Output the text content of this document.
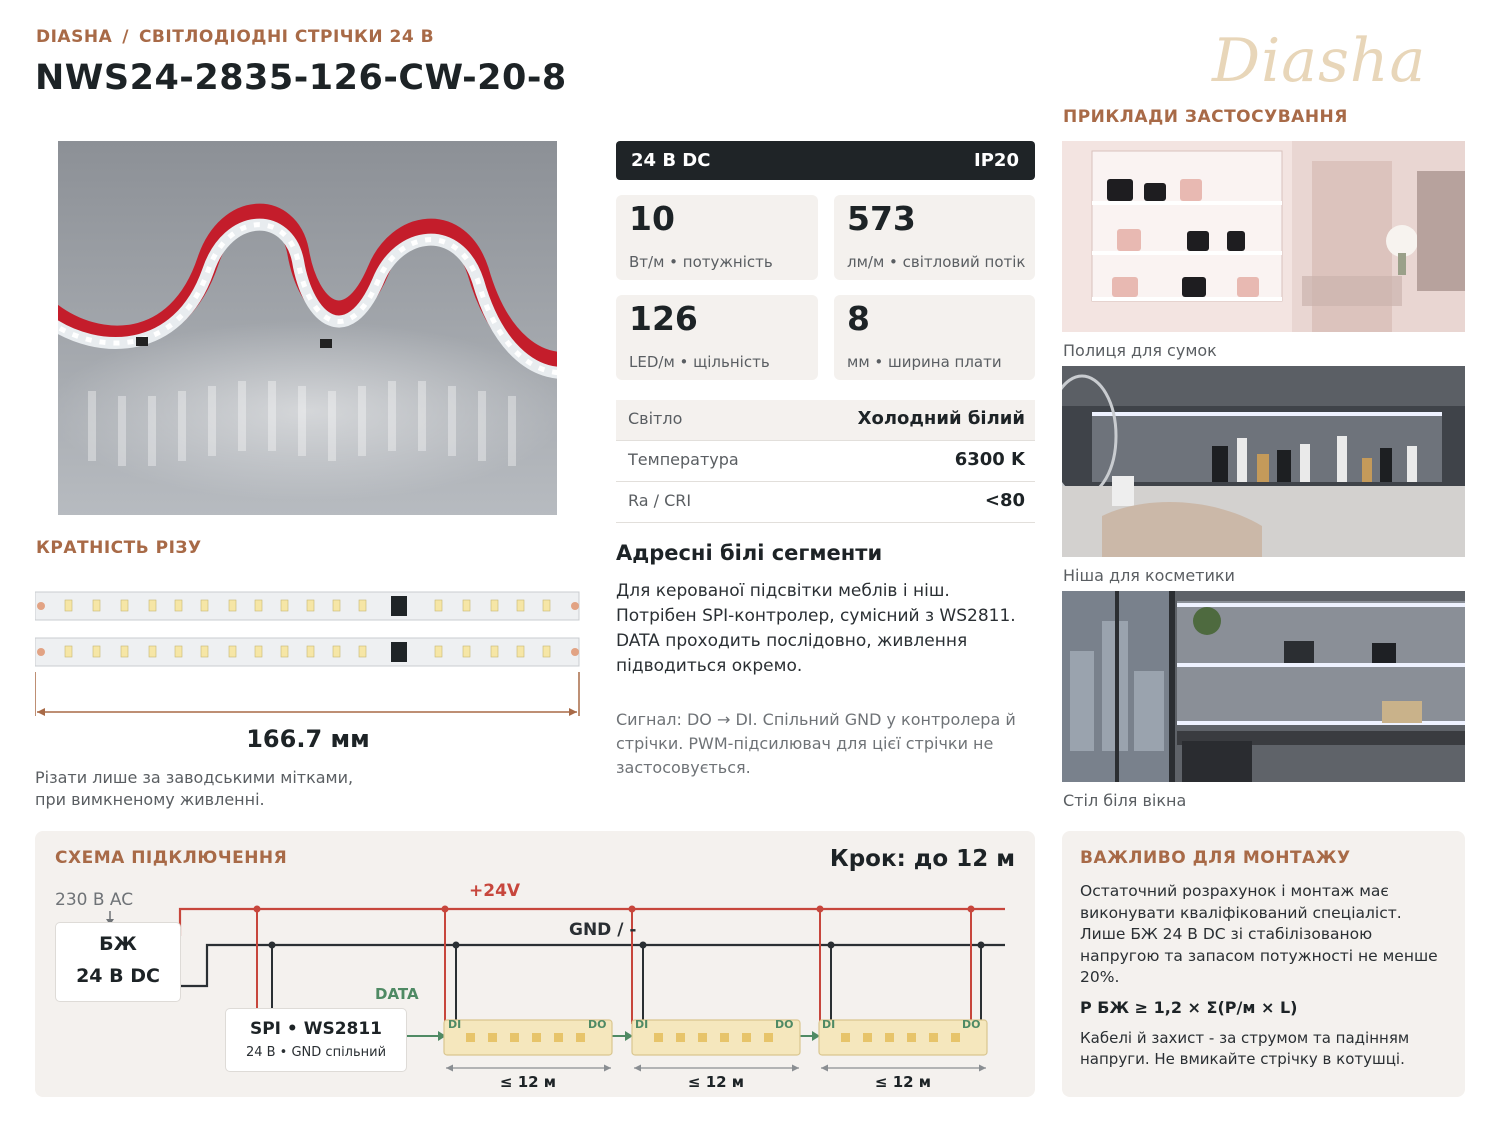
DIASHA / СВІТЛОДІОДНІ СТРІЧКИ 24 В
NWS24-2835-126-CW-20-8	Diasha
КРАТНІСТЬ РІЗУ
166.7 мм
Різати лише за заводськими мітками,
при вимкненому живленні.
24 В DC	IP20
10
Вт/м • потужність
573
лм/м • світловий потік
126
LED/м • щільність
8
мм • ширина плати
Світло	Холодний білий
Температура	6300 K
Ra / CRI	<80
Адресні білі сегменти
Для керованої підсвітки меблів і ніш. Потрібен SPI-контролер, сумісний з WS2811. DATA проходить послідовно, живлення підводиться окремо.
Сигнал: DO → DI. Спільний GND у контролера й стрічки. PWM-підсилювач для цієї стрічки не застосовується.
ПРИКЛАДИ ЗАСТОСУВАННЯ
Полиця для сумок
Ніша для косметики
Стіл біля вікна
СХЕМА ПІДКЛЮЧЕННЯ	Крок: до 12 м
230 В AC
БЖ
24 В DC
+24V
GND / -
DATA
SPI • WS2811
24 В • GND спільний
DI	DO	DI	DO	DI	DO
≤ 12 м	≤ 12 м	≤ 12 м
ВАЖЛИВО ДЛЯ МОНТАЖУ
Остаточний розрахунок і монтаж має виконувати кваліфікований спеціаліст. Лише БЖ 24 В DC зі стабілізованою напругою та запасом потужності не менше 20%.
P БЖ ≥ 1,2 × Σ(P/м × L)
Кабелі й захист - за струмом та падінням напруги. Не вмикайте стрічку в котушці.
